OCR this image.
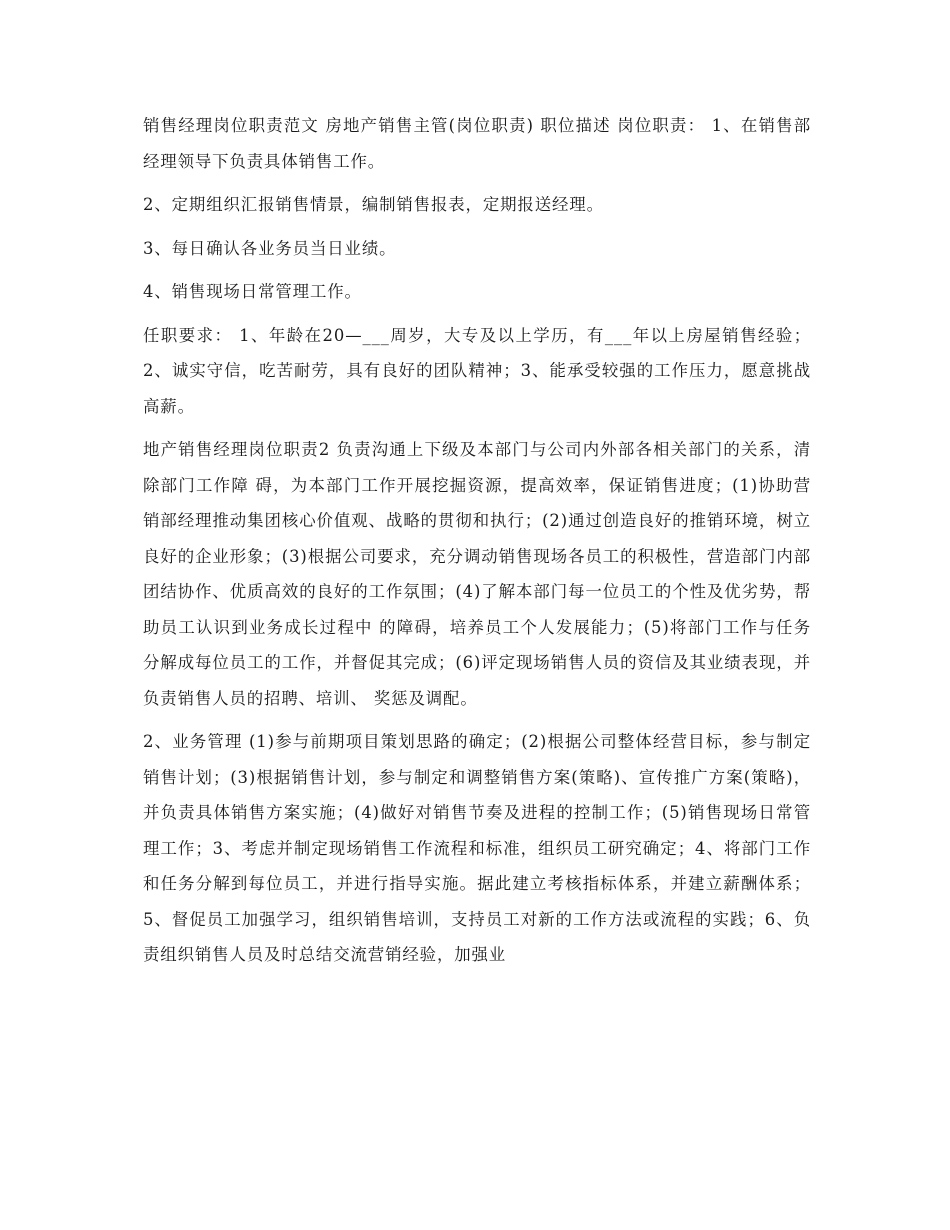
销售经理岗位职责范文 房地产销售主管(岗位职责) 职位描述 岗位职责： 1、在销售部经理领导下负责具体销售工作。

2、定期组织汇报销售情景，编制销售报表，定期报送经理。

3、每日确认各业务员当日业绩。

4、销售现场日常管理工作。

任职要求： 1、年龄在20—___周岁，大专及以上学历，有___年以上房屋销售经验；2、诚实守信，吃苦耐劳，具有良好的团队精神；3、能承受较强的工作压力，愿意挑战高薪。

地产销售经理岗位职责2 负责沟通上下级及本部门与公司内外部各相关部门的关系，清除部门工作障 碍，为本部门工作开展挖掘资源，提高效率，保证销售进度；(1)协助营销部经理推动集团核心价值观、战略的贯彻和执行；(2)通过创造良好的推销环境，树立良好的企业形象；(3)根据公司要求，充分调动销售现场各员工的积极性，营造部门内部团结协作、优质高效的良好的工作氛围；(4)了解本部门每一位员工的个性及优劣势，帮助员工认识到业务成长过程中 的障碍，培养员工个人发展能力；(5)将部门工作与任务分解成每位员工的工作，并督促其完成；(6)评定现场销售人员的资信及其业绩表现，并负责销售人员的招聘、培训、 奖惩及调配。

2、业务管理 (1)参与前期项目策划思路的确定；(2)根据公司整体经营目标，参与制定销售计划；(3)根据销售计划，参与制定和调整销售方案(策略)、宣传推广方案(策略)，并负责具体销售方案实施；(4)做好对销售节奏及进程的控制工作；(5)销售现场日常管理工作；3、考虑并制定现场销售工作流程和标准，组织员工研究确定；4、将部门工作和任务分解到每位员工，并进行指导实施。据此建立考核指标体系，并建立薪酬体系；5、督促员工加强学习，组织销售培训，支持员工对新的工作方法或流程的实践；6、负责组织销售人员及时总结交流营销经验，加强业
